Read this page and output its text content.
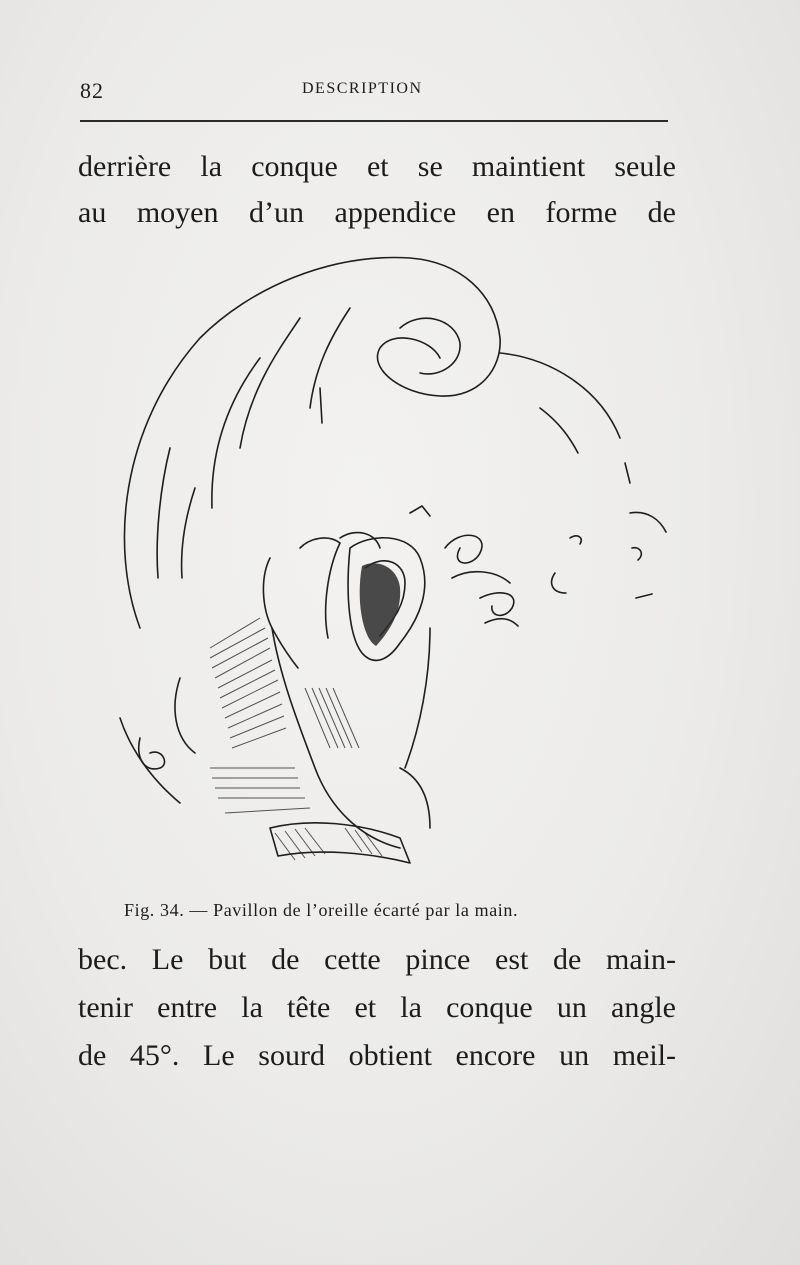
82	DESCRIPTION
derrière la conque et se maintient seule
au moyen d’un appendice en forme de
Fig. 34. — Pavillon de l’oreille écarté par la main.
bec. Le but de cette pince est de main-
tenir entre la tête et la conque un angle
de 45°. Le sourd obtient encore un meil-
